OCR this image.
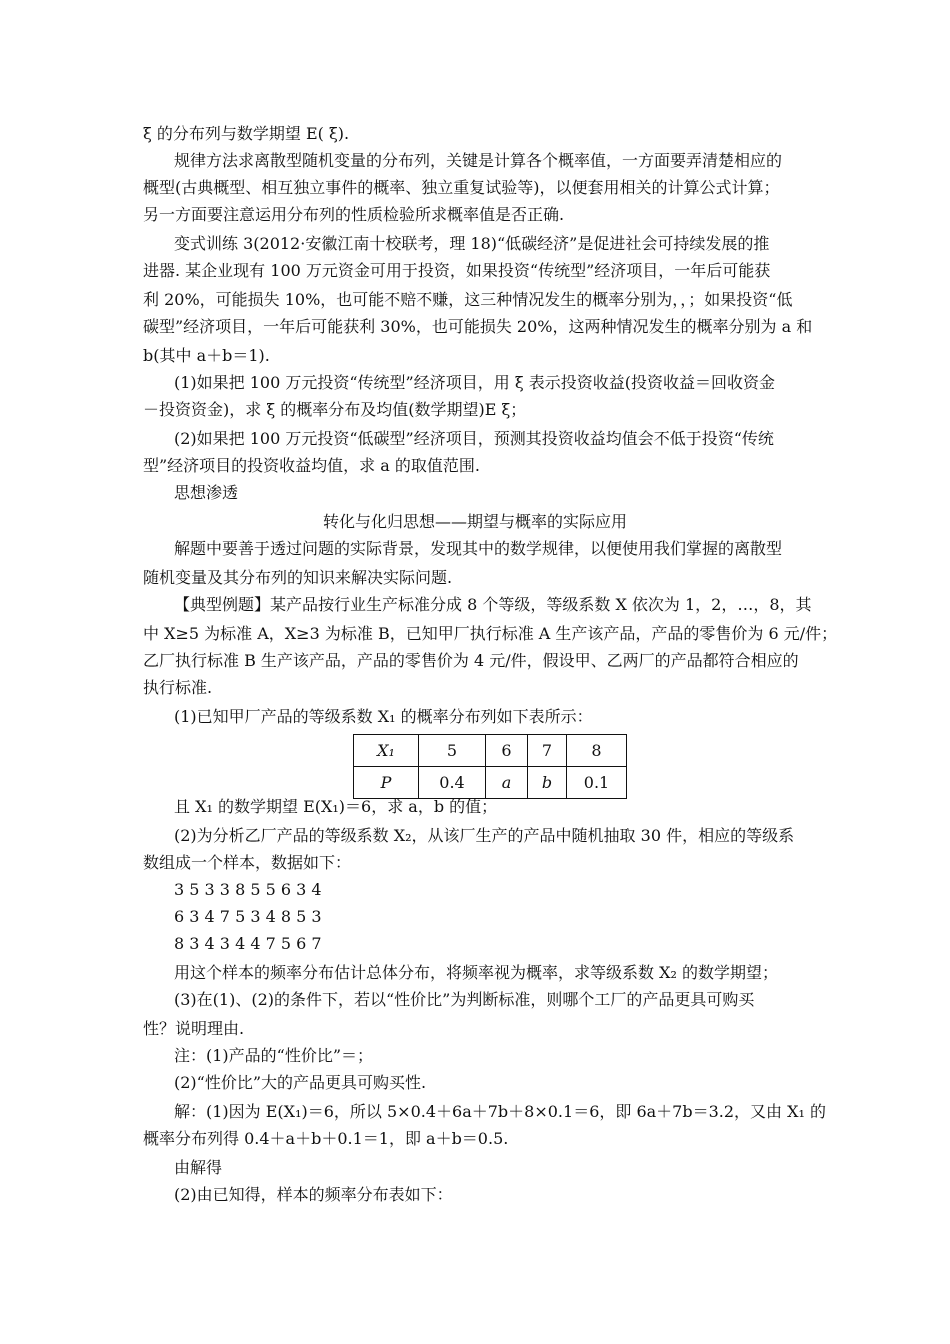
ξ 的分布列与数学期望 E( ξ).
规律方法求离散型随机变量的分布列，关键是计算各个概率值，一方面要弄清楚相应的
概型(古典概型、相互独立事件的概率、独立重复试验等)，以便套用相关的计算公式计算；
另一方面要注意运用分布列的性质检验所求概率值是否正确.
变式训练 3(2012·安徽江南十校联考，理 18)“低碳经济”是促进社会可持续发展的推
进器. 某企业现有 100 万元资金可用于投资，如果投资“传统型”经济项目，一年后可能获
利 20%，可能损失 10%，也可能不赔不赚，这三种情况发生的概率分别为，，；如果投资“低
碳型”经济项目，一年后可能获利 30%，也可能损失 20%，这两种情况发生的概率分别为 a 和
b(其中 a＋b＝1).
(1)如果把 100 万元投资“传统型”经济项目，用 ξ 表示投资收益(投资收益＝回收资金
－投资资金)，求 ξ 的概率分布及均值(数学期望)E ξ；
(2)如果把 100 万元投资“低碳型”经济项目，预测其投资收益均值会不低于投资“传统
型”经济项目的投资收益均值，求 a 的取值范围.
思想渗透
转化与化归思想——期望与概率的实际应用
解题中要善于透过问题的实际背景，发现其中的数学规律，以便使用我们掌握的离散型
随机变量及其分布列的知识来解决实际问题.
【典型例题】某产品按行业生产标准分成 8 个等级，等级系数 X 依次为 1，2，…，8，其
中 X≥5 为标准 A，X≥3 为标准 B，已知甲厂执行标准 A 生产该产品，产品的零售价为 6 元/件；
乙厂执行标准 B 生产该产品，产品的零售价为 4 元/件，假设甲、乙两厂的产品都符合相应的
执行标准.
(1)已知甲厂产品的等级系数 X₁ 的概率分布列如下表所示：
X₁	5	6	7	8
P	0.4	a	b	0.1
且 X₁ 的数学期望 E(X₁)＝6，求 a，b 的值；
(2)为分析乙厂产品的等级系数 X₂，从该厂生产的产品中随机抽取 30 件，相应的等级系
数组成一个样本，数据如下：
3 5 3 3 8 5 5 6 3 4
6 3 4 7 5 3 4 8 5 3
8 3 4 3 4 4 7 5 6 7
用这个样本的频率分布估计总体分布，将频率视为概率，求等级系数 X₂ 的数学期望；
(3)在(1)、(2)的条件下，若以“性价比”为判断标准，则哪个工厂的产品更具可购买
性？说明理由.
注：(1)产品的“性价比”＝；
(2)“性价比”大的产品更具可购买性.
解：(1)因为 E(X₁)＝6，所以 5×0.4＋6a＋7b＋8×0.1＝6，即 6a＋7b＝3.2，又由 X₁ 的
概率分布列得 0.4＋a＋b＋0.1＝1，即 a＋b＝0.5.
由解得
(2)由已知得，样本的频率分布表如下：
